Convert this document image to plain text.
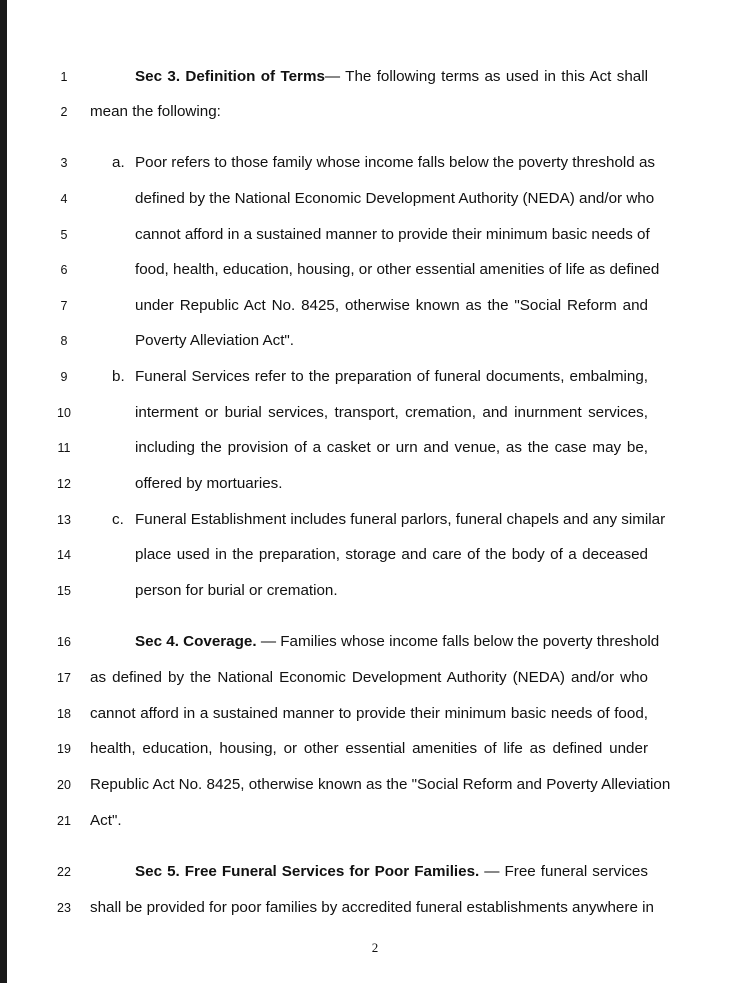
1	Sec 3. Definition of Terms— The following terms as used in this Act shall
2	mean the following:
3	a. Poor refers to those family whose income falls below the poverty threshold as
4	defined by the National Economic Development Authority (NEDA) and/or who
5	cannot afford in a sustained manner to provide their minimum basic needs of
6	food, health, education, housing, or other essential amenities of life as defined
7	under Republic Act No. 8425, otherwise known as the "Social Reform and
8	Poverty Alleviation Act".
9	b. Funeral Services refer to the preparation of funeral documents, embalming,
10	interment or burial services, transport, cremation, and inurnment services,
11	including the provision of a casket or urn and venue, as the case may be,
12	offered by mortuaries.
13	c. Funeral Establishment includes funeral parlors, funeral chapels and any similar
14	place used in the preparation, storage and care of the body of a deceased
15	person for burial or cremation.
16	Sec 4. Coverage. — Families whose income falls below the poverty threshold
17	as defined by the National Economic Development Authority (NEDA) and/or who
18	cannot afford in a sustained manner to provide their minimum basic needs of food,
19	health, education, housing, or other essential amenities of life as defined under
20	Republic Act No. 8425, otherwise known as the "Social Reform and Poverty Alleviation
21	Act".
22	Sec 5. Free Funeral Services for Poor Families. — Free funeral services
23	shall be provided for poor families by accredited funeral establishments anywhere in
2
